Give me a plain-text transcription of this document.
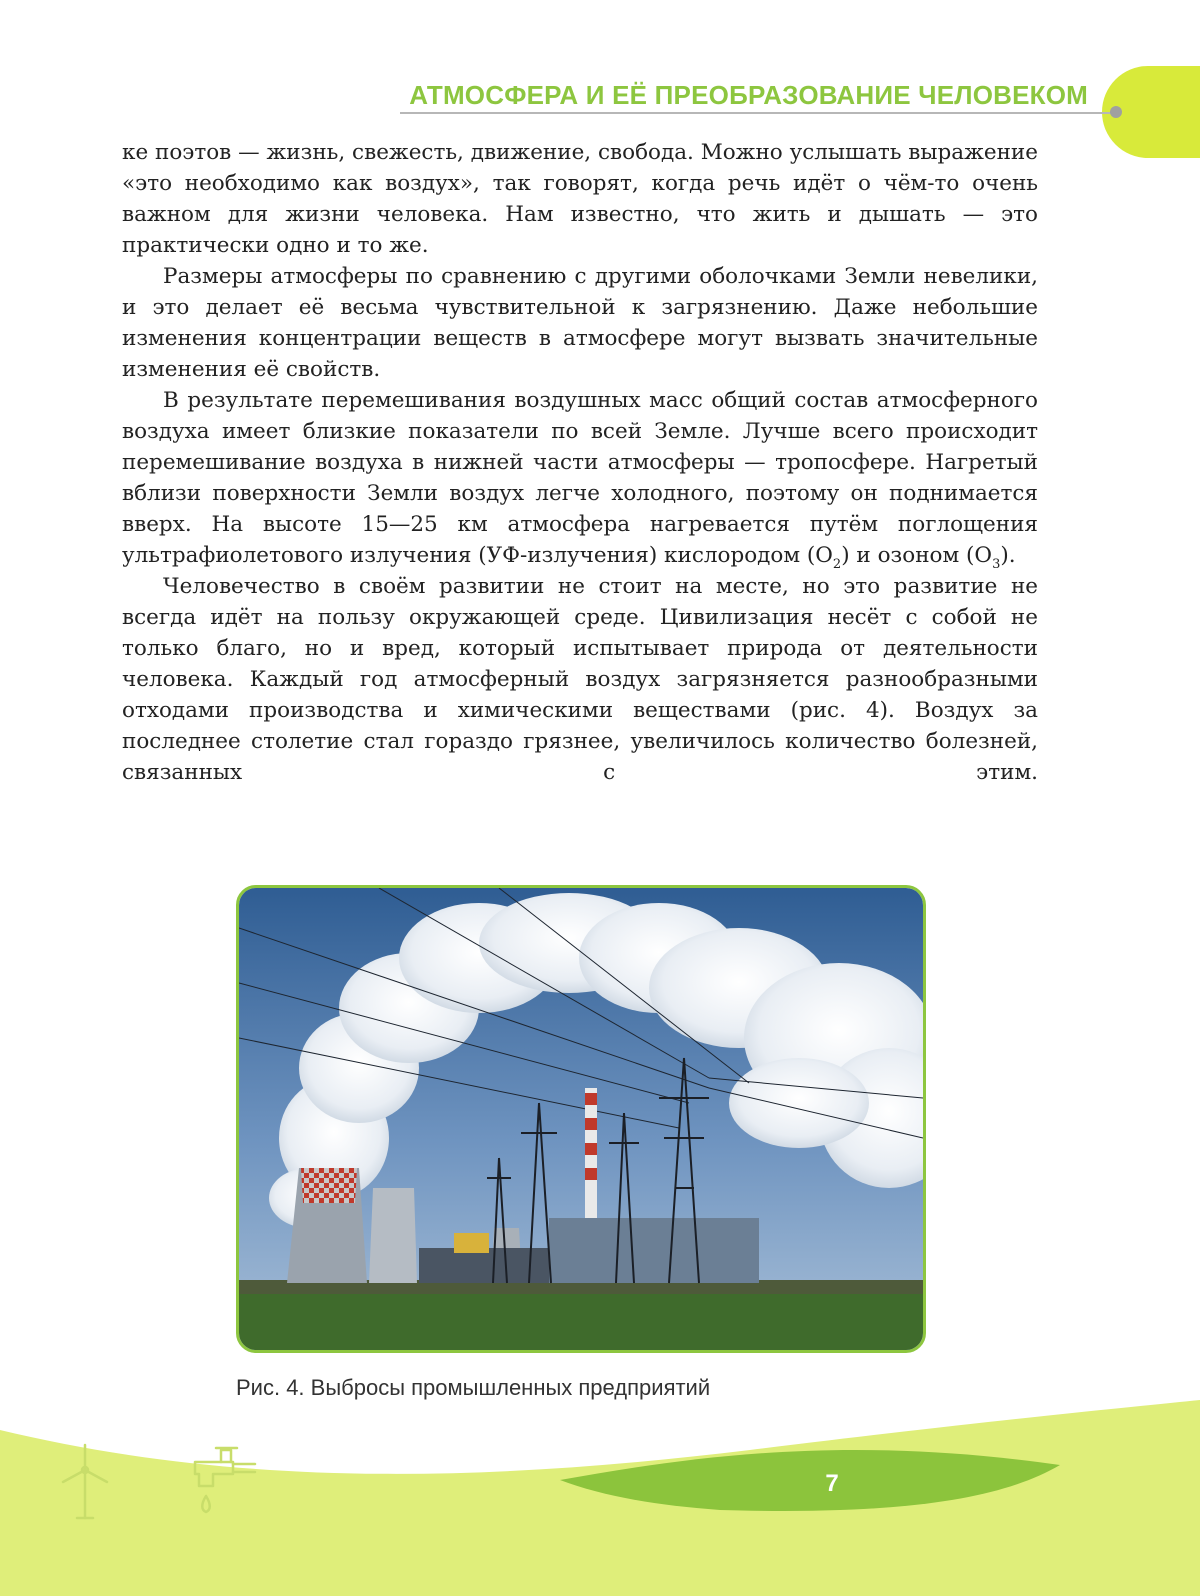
АТМОСФЕРА И ЕЁ ПРЕОБРАЗОВАНИЕ ЧЕЛОВЕКОМ

ке поэтов — жизнь, свежесть, движение, свобода. Можно услышать выражение «это необходимо как воздух», так говорят, когда речь идёт о чём-то очень важном для жизни человека. Нам известно, что жить и дышать — это практически одно и то же.

Размеры атмосферы по сравнению с другими оболочками Земли невелики, и это делает её весьма чувствительной к загрязнению. Даже небольшие изменения концентрации веществ в атмосфере могут вызвать значительные изменения её свойств.

В результате перемешивания воздушных масс общий состав атмосферного воздуха имеет близкие показатели по всей Земле. Лучше всего происходит перемешивание воздуха в нижней части атмосферы — тропосфере. Нагретый вблизи поверхности Земли воздух легче холодного, поэтому он поднимается вверх. На высоте 15—25 км атмосфера нагревается путём поглощения ультрафиолетового излучения (УФ-излучения) кислородом $(O_2)$ и озоном $(O_3)$.

Человечество в своём развитии не стоит на месте, но это развитие не всегда идёт на пользу окружающей среде. Цивилизация несёт с собой не только благо, но и вред, который испытывает природа от деятельности человека. Каждый год атмосферный воздух загрязняется разнообразными отходами производства и химическими веществами (рис. 4). Воздух за последнее столетие стал гораздо грязнее, увеличилось количество болезней, связанных с этим.

Рис. 4. Выбросы промышленных предприятий
7
